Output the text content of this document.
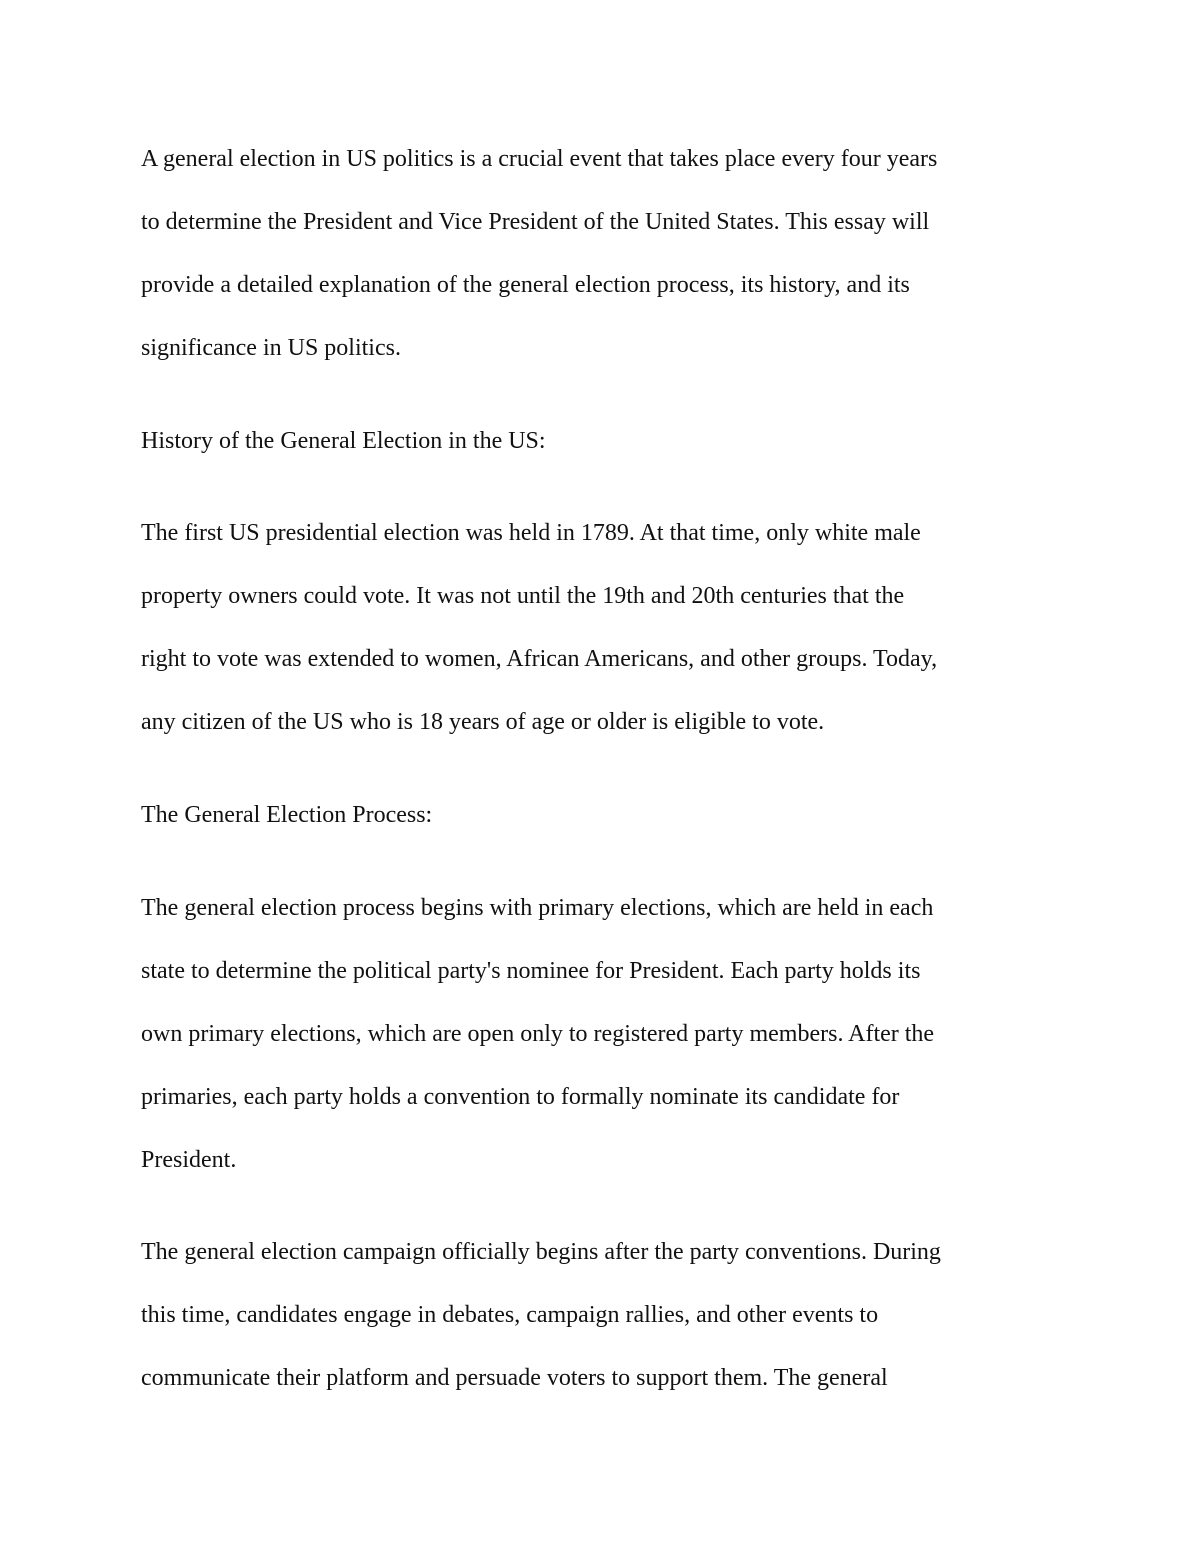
A general election in US politics is a crucial event that takes place every four years
to determine the President and Vice President of the United States. This essay will
provide a detailed explanation of the general election process, its history, and its
significance in US politics.
History of the General Election in the US:
The first US presidential election was held in 1789. At that time, only white male
property owners could vote. It was not until the 19th and 20th centuries that the
right to vote was extended to women, African Americans, and other groups. Today,
any citizen of the US who is 18 years of age or older is eligible to vote.
The General Election Process:
The general election process begins with primary elections, which are held in each
state to determine the political party's nominee for President. Each party holds its
own primary elections, which are open only to registered party members. After the
primaries, each party holds a convention to formally nominate its candidate for
President.
The general election campaign officially begins after the party conventions. During
this time, candidates engage in debates, campaign rallies, and other events to
communicate their platform and persuade voters to support them. The general
